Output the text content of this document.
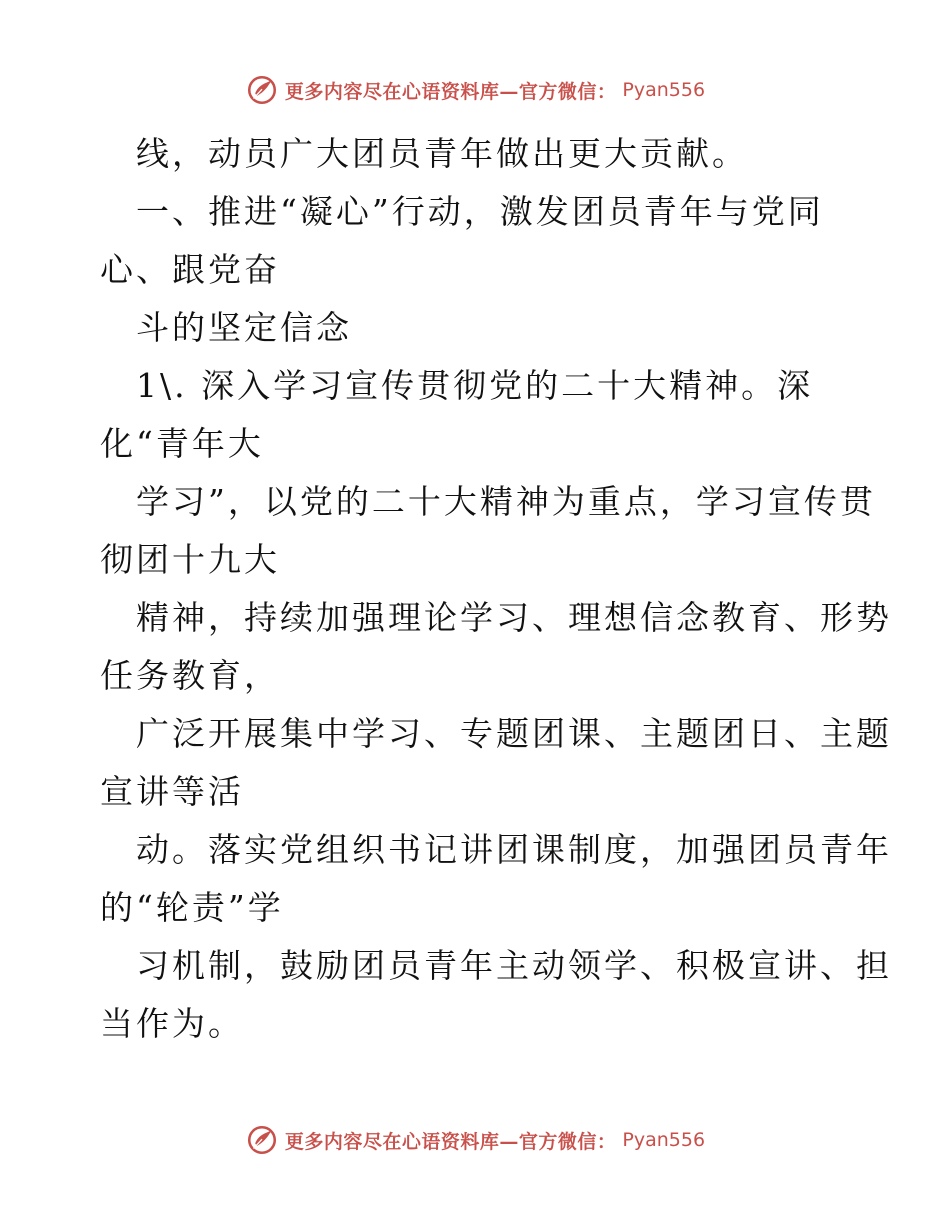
更多内容尽在心语资料库—官方微信： Pyan556
线，动员广大团员青年做出更大贡献。
一、推进“凝心”行动，激发团员青年与党同
心、跟党奋
斗的坚定信念
1\. 深入学习宣传贯彻党的二十大精神。深
化“青年大
学习”，以党的二十大精神为重点，学习宣传贯
彻团十九大
精神，持续加强理论学习、理想信念教育、形势
任务教育，
广泛开展集中学习、专题团课、主题团日、主题
宣讲等活
动。落实党组织书记讲团课制度，加强团员青年
的“轮责”学
习机制，鼓励团员青年主动领学、积极宣讲、担
当作为。
更多内容尽在心语资料库—官方微信： Pyan556
